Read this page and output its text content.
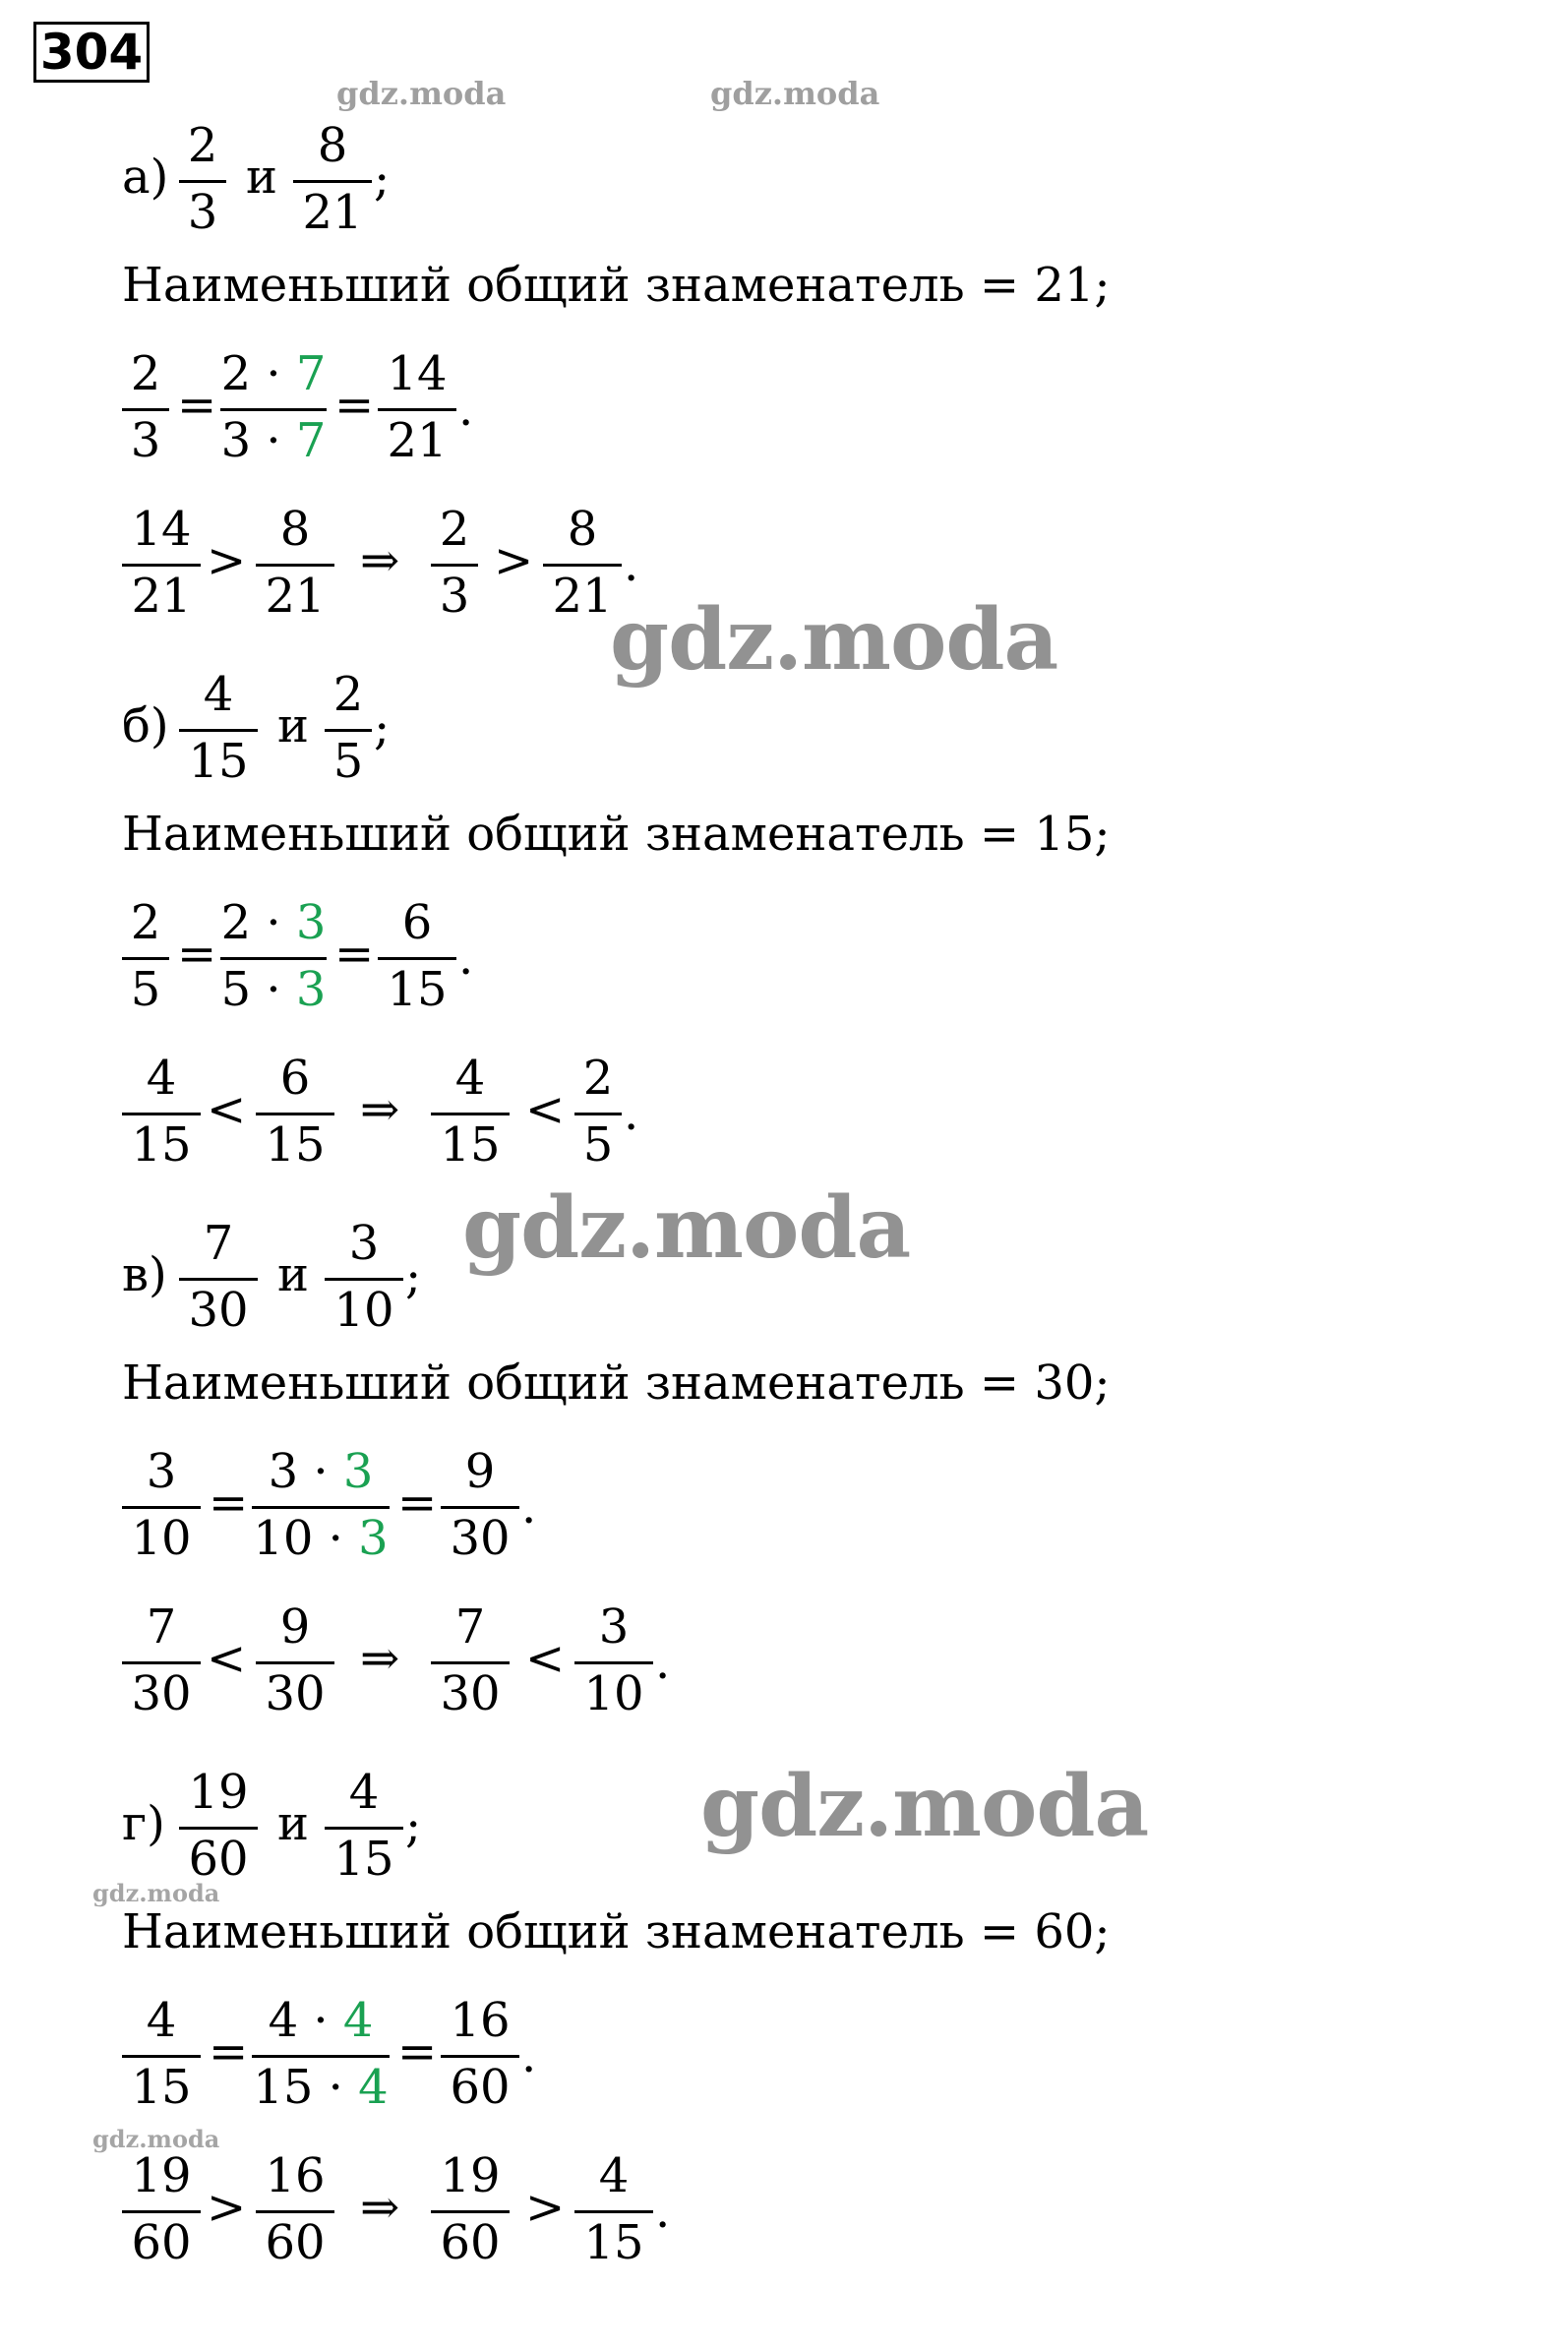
304
gdz.moda	gdz.moda
gdz.moda
gdz.moda
gdz.moda
gdz.moda
gdz.moda
а)
2
3
и
8
21
;
Наименьший общий знаменатель = 21;
2
3
=
2 · 7
3 · 7
=
14
21
.
14
21
>
8
21
⇒
2
3
>
8
21
.
б)
4
15
и
2
5
;
Наименьший общий знаменатель = 15;
2
5
=
2 · 3
5 · 3
=
6
15
.
4
15
<
6
15
⇒
4
15
<
2
5
.
в)
7
30
и
3
10
;
Наименьший общий знаменатель = 30;
3
10
=
3 · 3
10 · 3
=
9
30
.
7
30
<
9
30
⇒
7
30
<
3
10
.
г)
19
60
и
4
15
;
Наименьший общий знаменатель = 60;
4
15
=
4 · 4
15 · 4
=
16
60
.
19
60
>
16
60
⇒
19
60
>
4
15
.
